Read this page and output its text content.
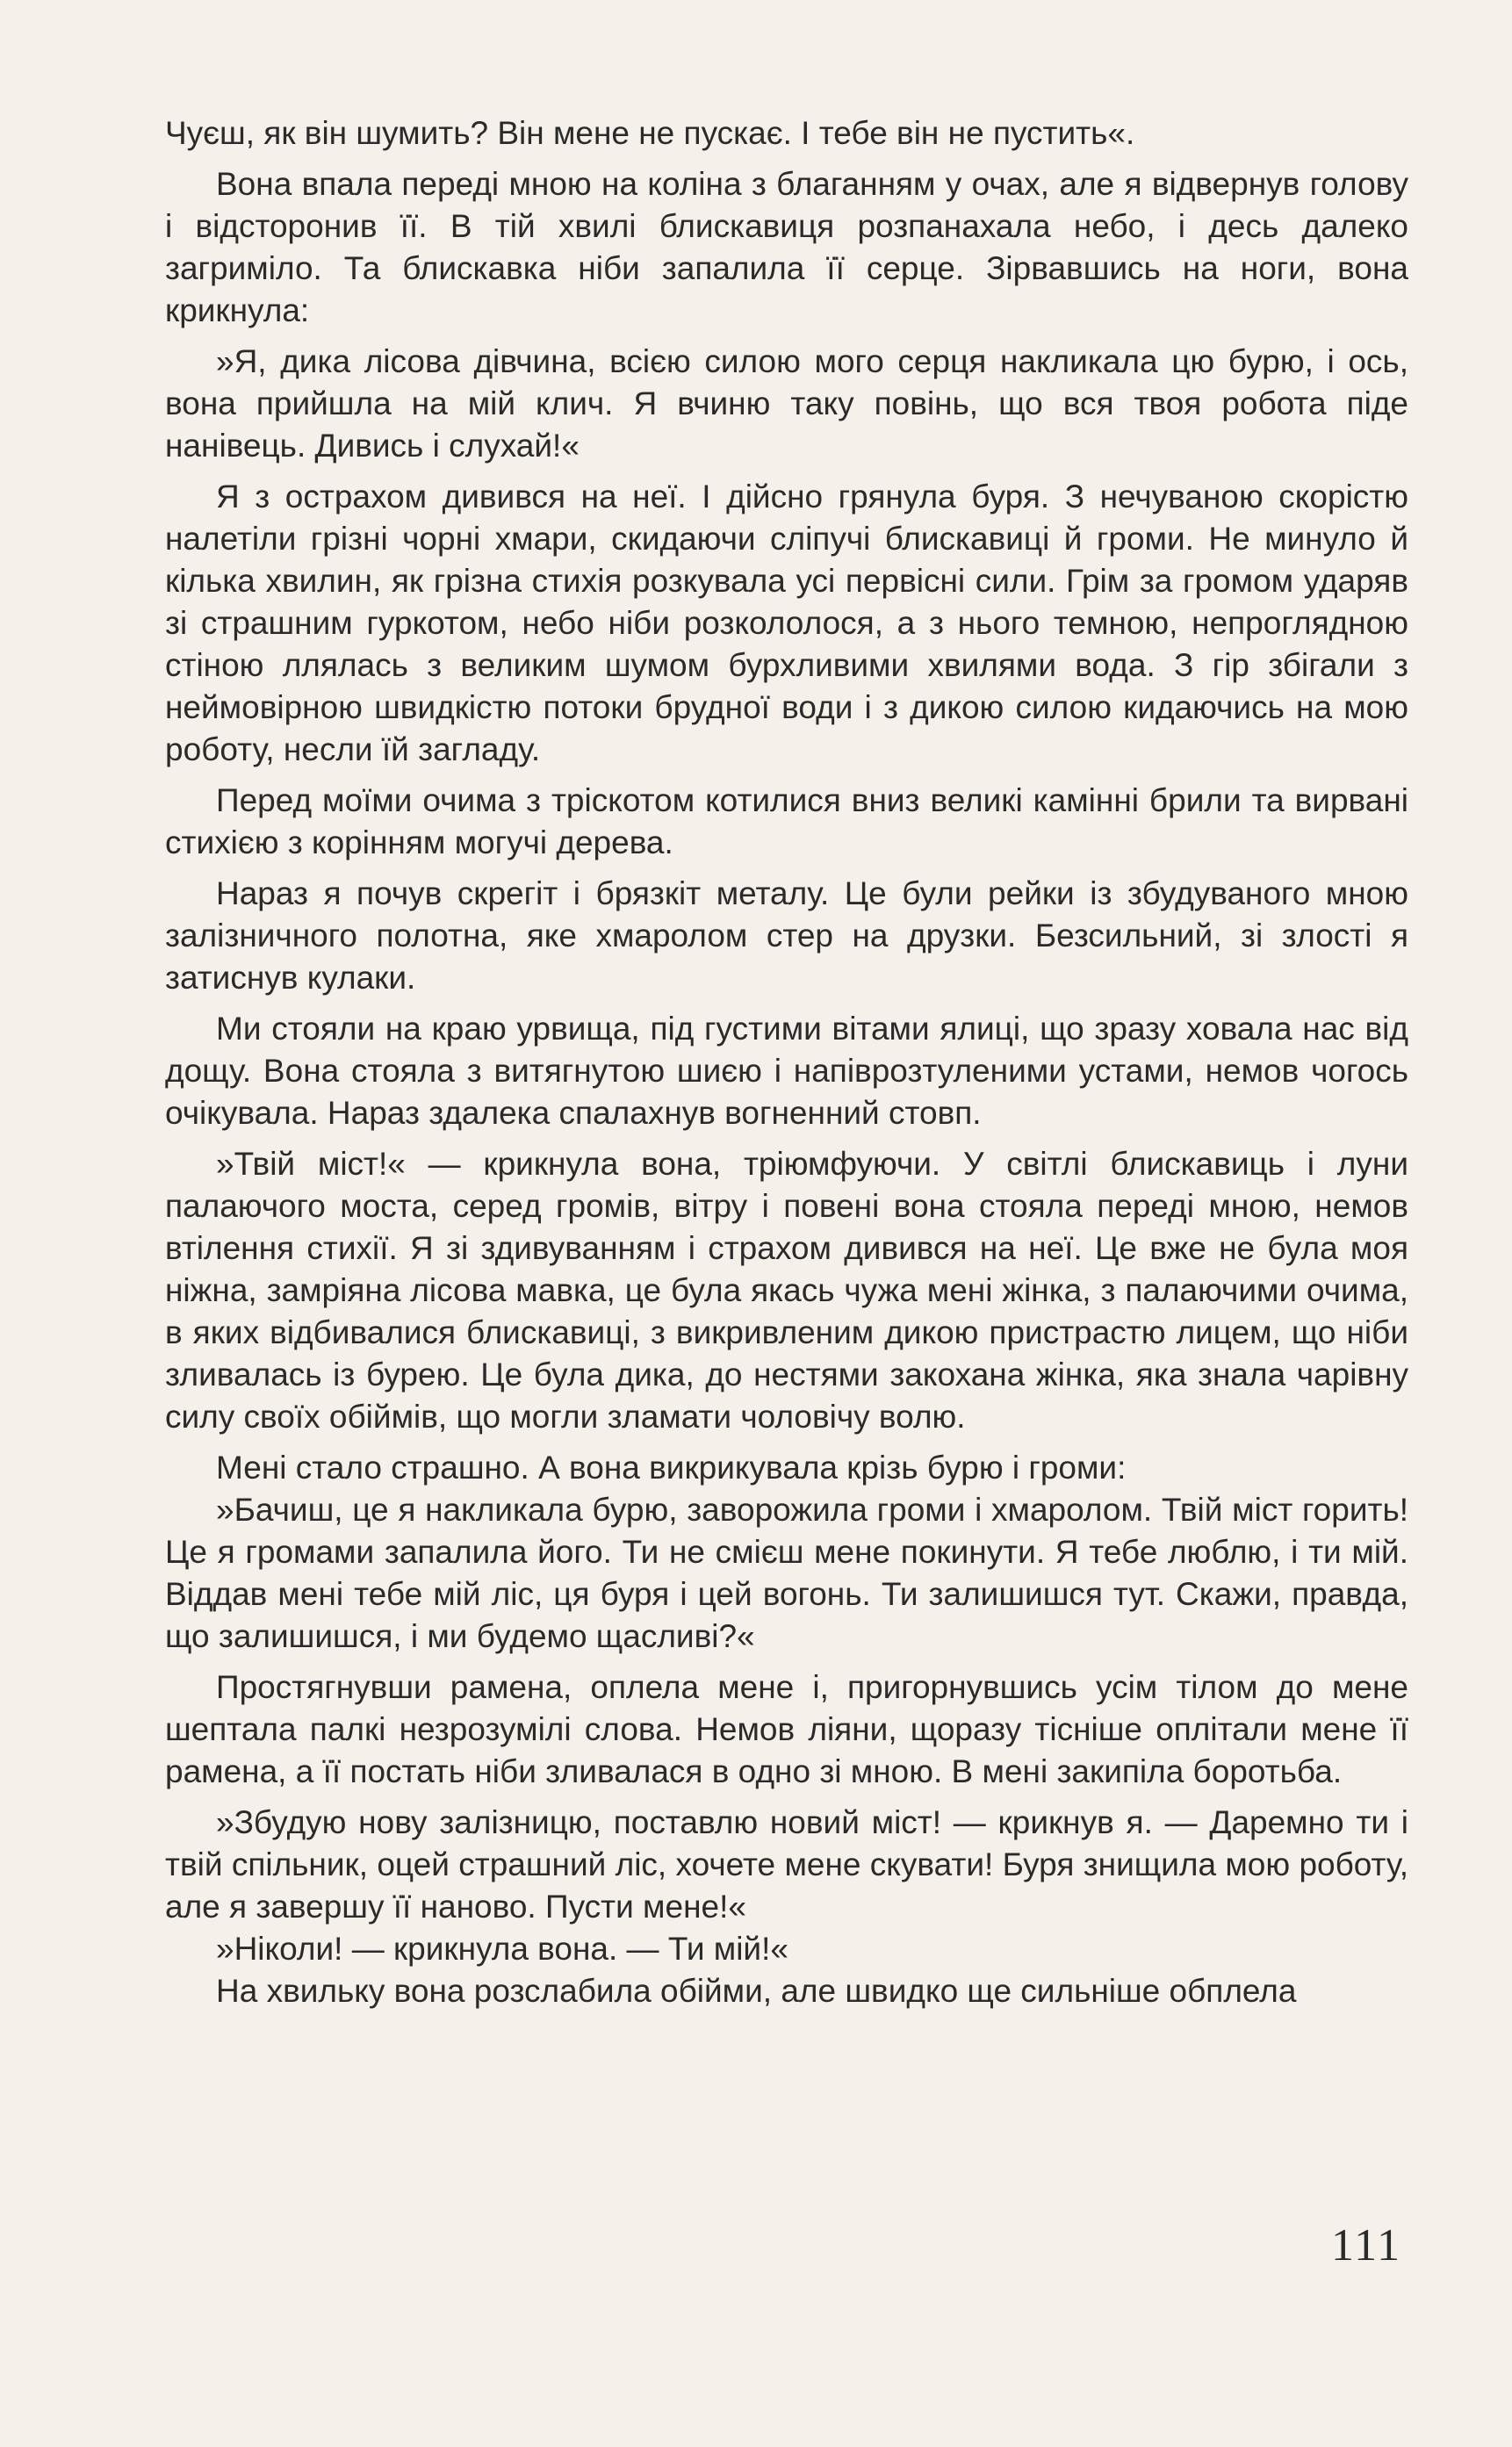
Чуєш, як він шумить? Він мене не пускає. І тебе він не пустить«.

Вона впала переді мною на коліна з благанням у очах, але я відвернув голову і відсторонив її. В тій хвилі блискавиця розпанахала небо, і десь далеко загриміло. Та блискавка ніби запалила її серце. Зірвавшись на ноги, вона крикнула:

»Я, дика лісова дівчина, всією силою мого серця накликала цю бурю, і ось, вона прийшла на мій клич. Я вчиню таку повінь, що вся твоя робота піде нанівець. Дивись і слухай!«

Я з острахом дивився на неї. І дійсно грянула буря. З нечуваною скорістю налетіли грізні чорні хмари, скидаючи сліпучі блискавиці й громи. Не минуло й кілька хвилин, як грізна стихія розкувала усі первісні сили. Грім за громом ударяв зі страшним гуркотом, небо ніби розкололося, а з нього темною, непроглядною стіною ллялась з великим шумом бурхливими хвилями вода. З гір збігали з неймовірною швидкістю потоки брудної води і з дикою силою кидаючись на мою роботу, несли їй загладу.

Перед моїми очима з тріскотом котилися вниз великі камінні брили та вирвані стихією з корінням могучі дерева.

Нараз я почув скрегіт і брязкіт металу. Це були рейки із збудуваного мною залізничного полотна, яке хмаролом стер на друзки. Безсильний, зі злості я затиснув кулаки.

Ми стояли на краю урвища, під густими вітами ялиці, що зразу ховала нас від дощу. Вона стояла з витягнутою шиєю і напіврозтуленими устами, немов чогось очікувала. Нараз здалека спалахнув вогненний стовп.

»Твій міст!« — крикнула вона, тріюмфуючи. У світлі блискавиць і луни палаючого моста, серед громів, вітру і повені вона стояла переді мною, немов втілення стихії. Я зі здивуванням і страхом дивився на неї. Це вже не була моя ніжна, замріяна лісова мавка, це була якась чужа мені жінка, з палаючими очима, в яких відбивалися блискавиці, з викривленим дикою пристрастю лицем, що ніби зливалась із бурею. Це була дика, до нестями закохана жінка, яка знала чарівну силу своїх обіймів, що могли зламати чоловічу волю.

Мені стало страшно. А вона викрикувала крізь бурю і громи:

»Бачиш, це я накликала бурю, заворожила громи і хмаролом. Твій міст горить! Це я громами запалила його. Ти не смієш мене покинути. Я тебе люблю, і ти мій. Віддав мені тебе мій ліс, ця буря і цей вогонь. Ти залишишся тут. Скажи, правда, що залишишся, і ми будемо щасливі?«

Простягнувши рамена, оплела мене і, пригорнувшись усім тілом до мене шептала палкі незрозумілі слова. Немов ліяни, щоразу тісніше оплітали мене її рамена, а її постать ніби зливалася в одно зі мною. В мені закипіла боротьба.

»Збудую нову залізницю, поставлю новий міст! — крикнув я. — Даремно ти і твій спільник, оцей страшний ліс, хочете мене скувати! Буря знищила мою роботу, але я завершу її наново. Пусти мене!«

»Ніколи! — крикнула вона. — Ти мій!«

На хвильку вона розслабила обійми, але швидко ще сильніше обплела

111
